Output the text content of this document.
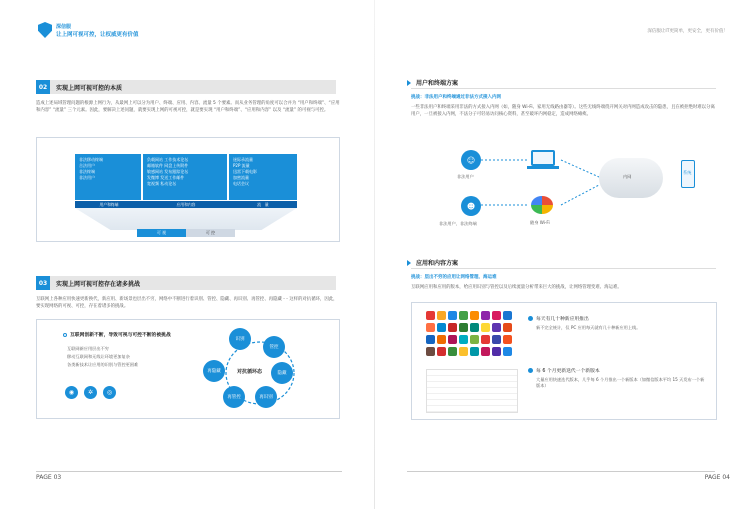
深信服
让上网可视可控，让权威更有价值
02	实现上网可视可控的本质
造成上述局域管理问题的根源上网行为，从最网上可以分为用户、终端、应用、内容、流量 5 个要素。而从业务管理的角度可以合并为 “用户和终端”、“应用和内容” “流量” 三个元素。因此，要解决上述问题，就要实现上网的可视可控，就是要实现 “用户和终端”、“应用和内容” 以及 “流量” 的可视与可控。
非法移动终端
合法用户
非法终端
非法用户
负载网站 工作技术论坛
邮箱软件 网盘上传附件
敏感网站 发布跟踪论坛
发微博 发送工作邮件
宽视频 私动论坛
迷际录流量
P2P 流量
迅雷下载电影
加密流量
电话会议
用户和终端	应用和内容	流　量
可 视	可 控
03	实现上网可视可控存在诸多挑战
互联网上各种应用快速更新换代，新应用、新场景也层出不穷，网络中不断进行着识别、管控、隐藏、再识别、再管控、再隐藏 - - 这样的对抗循环，因此，要实现网络的可视、可控，存在着诸多的挑战。
互联网创新不断，导致可视与可控不断的被挑战
互联网新应用层出不穷
移动互联网和无线让环境更加复杂
各类新技术让应用的识别与管控更困难
◉	✲	◎
识别
管控
隐藏
再识别
再管控
再隐藏	对抗循环态
PAGE 03
深信服让IT更简单，更安全，更有价值！
用户和终端方案
挑战：非法用户和终端通过非法方式接入内网
一些非法用户和终端采用非法的方式接入内网（如，随身 Wi-Fi、家用无线路由器等）。这些无线终端绕开网关对内网造成攻击的隐患，且在被拒绝时难以分离用户，一旦被接入内网，不法分子可轻易访问核心资料，甚至破坏内网稳定，造成网络瘫痪。
☺
非法用户
☻
非法用户、非法终端	随身 Wi-Fi
内网
系统
应用和内容方案
挑战：层出不穷的应用让网络管理、海运难
互联网应用和应用的版本，给应用识别与管控以及后续流量分析带来巨大的挑战，让网络管理变难、海运难。
每天有几十种新应用推出
新不完全统计，仅 PC 应用每天就有几十种新应用上线。
每 6 个月更新迭代一个新版本
大量应用快速迭代版本，几乎每 6 个月推出一个新版本（如微信版本平均 15 天发布一个新版本）
PAGE 04
